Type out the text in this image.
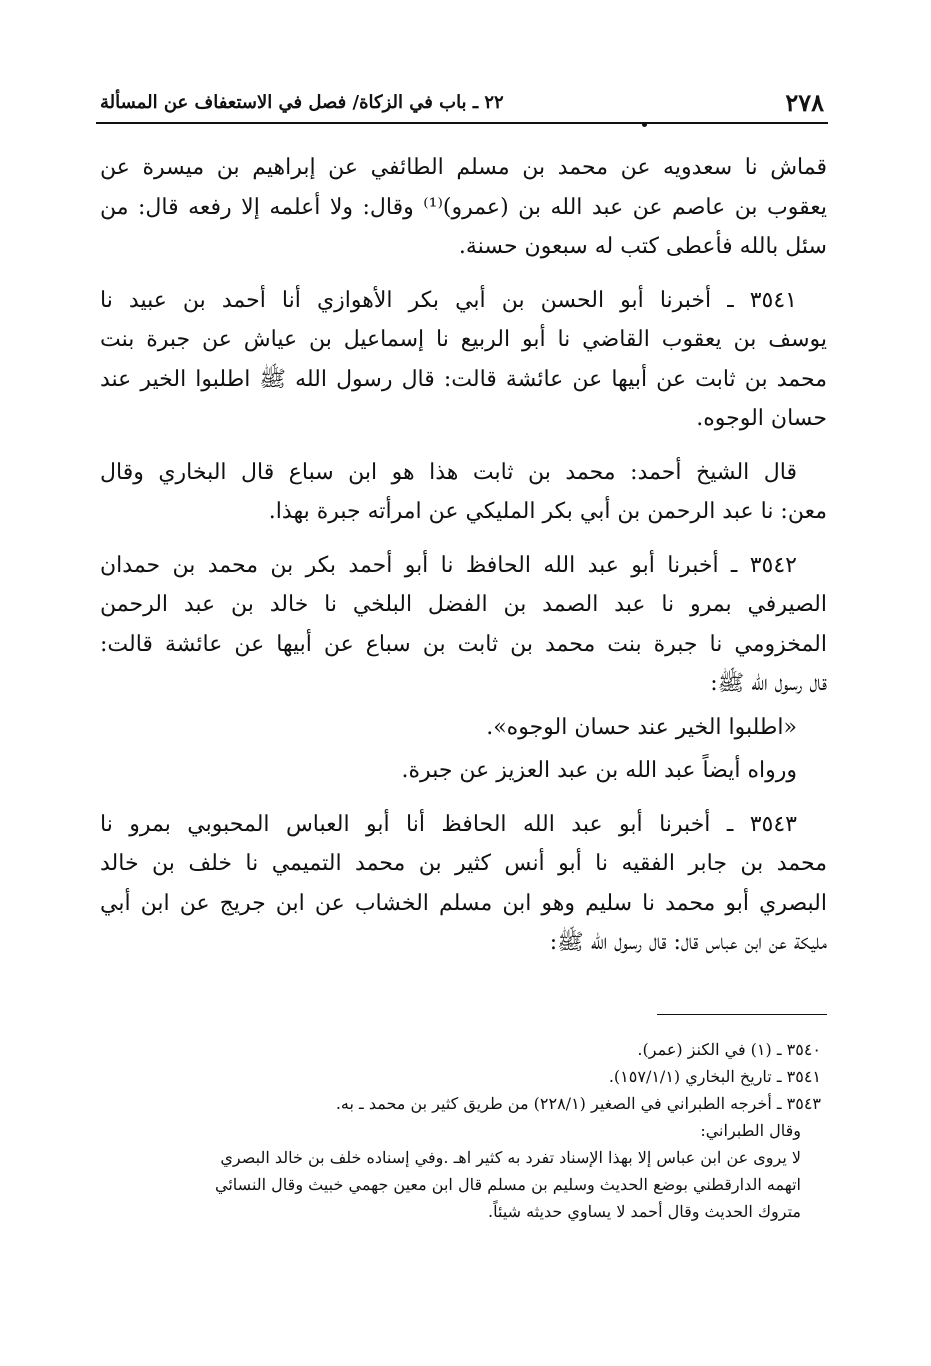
٢٧٨
٢٢ ـ باب في الزكاة/ فصل في الاستعفاف عن المسألة

قماش نا سعدويه عن محمد بن مسلم الطائفي عن إبراهيم بن ميسرة عن
يعقوب بن عاصم عن عبد الله بن (عمرو)⁽¹⁾ وقال: ولا أعلمه إلا رفعه قال: من
سئل بالله فأعطى كتب له سبعون حسنة.

٣٥٤١ ـ أخبرنا أبو الحسن بن أبي بكر الأهوازي أنا أحمد بن عبيد نا
يوسف بن يعقوب القاضي نا أبو الربيع نا إسماعيل بن عياش عن جبرة بنت
محمد بن ثابت عن أبيها عن عائشة قالت: قال رسول الله ﷺ اطلبوا الخير عند
حسان الوجوه.

قال الشيخ أحمد: محمد بن ثابت هذا هو ابن سباع قال البخاري وقال
معن: نا عبد الرحمن بن أبي بكر المليكي عن امرأته جبرة بهذا.

٣٥٤٢ ـ أخبرنا أبو عبد الله الحافظ نا أبو أحمد بكر بن محمد بن حمدان
الصيرفي بمرو نا عبد الصمد بن الفضل البلخي نا خالد بن عبد الرحمن
المخزومي نا جبرة بنت محمد بن ثابت بن سباع عن أبيها عن عائشة قالت:
قال رسول الله ﷺ:

«اطلبوا الخير عند حسان الوجوه».

ورواه أيضاً عبد الله بن عبد العزيز عن جبرة.

٣٥٤٣ ـ أخبرنا أبو عبد الله الحافظ أنا أبو العباس المحبوبي بمرو نا
محمد بن جابر الفقيه نا أبو أنس كثير بن محمد التميمي نا خلف بن خالد
البصري أبو محمد نا سليم وهو ابن مسلم الخشاب عن ابن جريج عن ابن أبي
مليكة عن ابن عباس قال: قال رسول الله ﷺ:

٣٥٤٠ ـ (١) في الكنز (عمر).

٣٥٤١ ـ تاريخ البخاري (١٥٧/١/١).

٣٥٤٣ ـ أخرجه الطبراني في الصغير (٢٢٨/١) من طريق كثير بن محمد ـ به.

وقال الطبراني:

لا يروى عن ابن عباس إلا بهذا الإسناد تفرد به كثير اهـ .وفي إسناده خلف بن خالد البصري

اتهمه الدارقطني بوضع الحديث وسليم بن مسلم قال ابن معين جهمي خبيث وقال النسائي

متروك الحديث وقال أحمد لا يساوي حديثه شيئاً.
